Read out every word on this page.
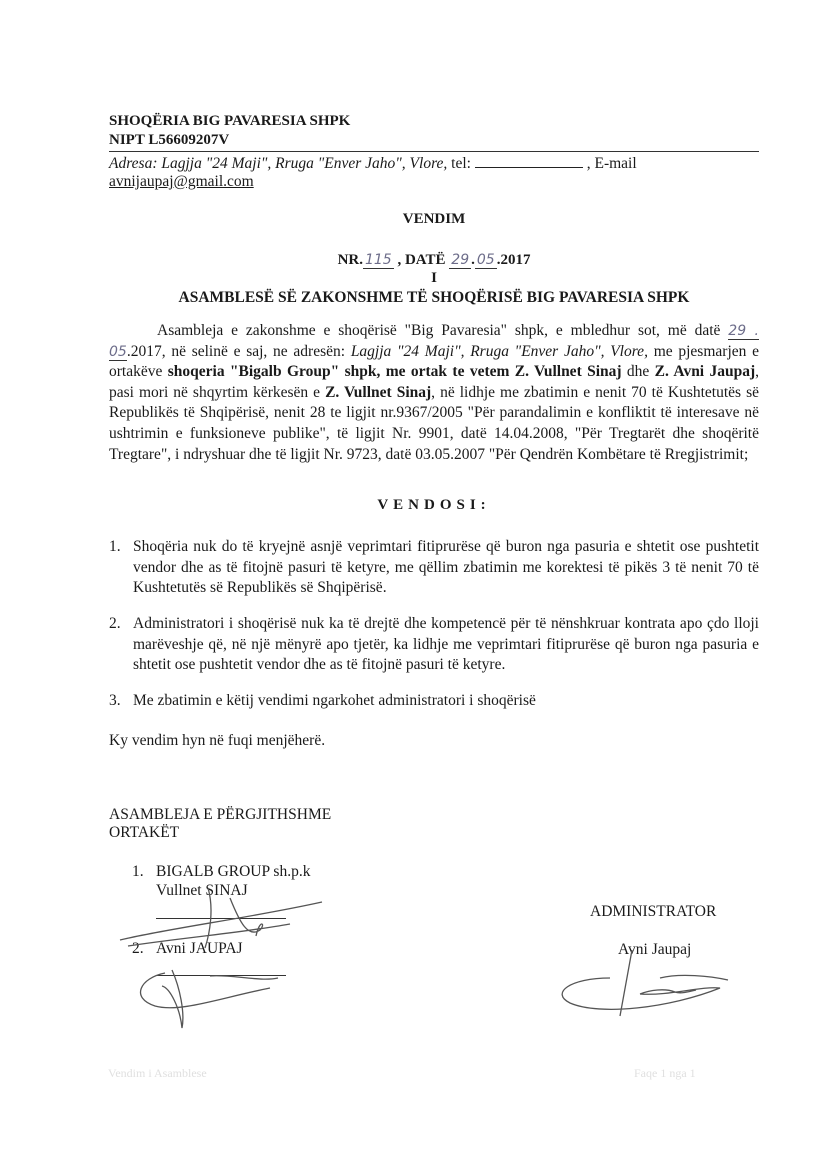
SHOQËRIA BIG PAVARESIA SHPK
NIPT L56609207V
Adresa: Lagjja "24 Maji", Rruga "Enver Jaho", Vlore, tel:	, E-mail
avnijaupaj@gmail.com
VENDIM
NR. 115 , DATË 29 . 05 .2017
I
ASAMBLESË SË ZAKONSHME TË SHOQËRISË BIG PAVARESIA SHPK
Asambleja e zakonshme e shoqërisë "Big Pavaresia" shpk, e mbledhur sot, më datë 29 . 05.2017, në selinë e saj, ne adresën: Lagjja "24 Maji", Rruga "Enver Jaho", Vlore, me pjesmarjen e ortakëve shoqeria "Bigalb Group" shpk, me ortak te vetem Z. Vullnet Sinaj dhe Z. Avni Jaupaj, pasi mori në shqyrtim kërkesën e Z. Vullnet Sinaj, në lidhje me zbatimin e nenit 70 të Kushtetutës së Republikës të Shqipërisë, nenit 28 te ligjit nr.9367/2005 "Për parandalimin e konfliktit të interesave në ushtrimin e funksioneve publike", të ligjit Nr. 9901, datë 14.04.2008, "Për Tregtarët dhe shoqëritë Tregtare", i ndryshuar dhe të ligjit Nr. 9723, datë 03.05.2007 "Për Qendrën Kombëtare të Rregjistrimit;
VENDOSI:
1. Shoqëria nuk do të kryejnë asnjë veprimtari fitiprurëse që buron nga pasuria e shtetit ose pushtetit vendor dhe as të fitojnë pasuri të ketyre, me qëllim zbatimin me korektesi të pikës 3 të nenit 70 të Kushtetutës së Republikës së Shqipërisë.
2. Administratori i shoqërisë nuk ka të drejtë dhe kompetencë për të nënshkruar kontrata apo çdo lloji marëveshje që, në një mënyrë apo tjetër, ka lidhje me veprimtari fitiprurëse që buron nga pasuria e shtetit ose pushtetit vendor dhe as të fitojnë pasuri të ketyre.
3. Me zbatimin e këtij vendimi ngarkohet administratori i shoqërisë
Ky vendim hyn në fuqi menjëherë.
ASAMBLEJA E PËRGJITHSHME
ORTAKËT
1. BIGALB GROUP sh.p.k
Vullnet SINAJ
2. Avni JAUPAJ
ADMINISTRATOR
Avni Jaupaj
Vendim i Asamblese	Faqe 1 nga 1
